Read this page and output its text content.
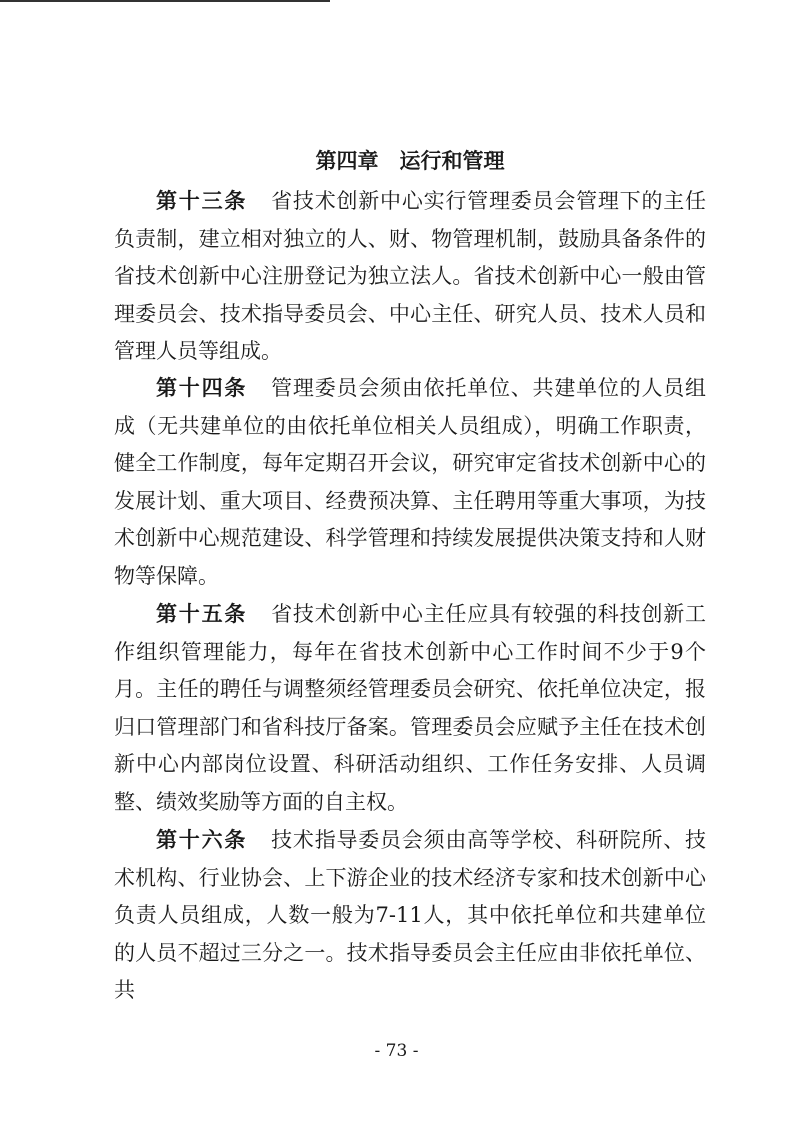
第四章　运行和管理

第十三条 省技术创新中心实行管理委员会管理下的主任负责制，建立相对独立的人、财、物管理机制，鼓励具备条件的省技术创新中心注册登记为独立法人。省技术创新中心一般由管理委员会、技术指导委员会、中心主任、研究人员、技术人员和管理人员等组成。

第十四条 管理委员会须由依托单位、共建单位的人员组成（无共建单位的由依托单位相关人员组成），明确工作职责，健全工作制度，每年定期召开会议，研究审定省技术创新中心的发展计划、重大项目、经费预决算、主任聘用等重大事项，为技术创新中心规范建设、科学管理和持续发展提供决策支持和人财物等保障。

第十五条 省技术创新中心主任应具有较强的科技创新工作组织管理能力，每年在省技术创新中心工作时间不少于9个月。主任的聘任与调整须经管理委员会研究、依托单位决定，报归口管理部门和省科技厅备案。管理委员会应赋予主任在技术创新中心内部岗位设置、科研活动组织、工作任务安排、人员调整、绩效奖励等方面的自主权。

第十六条 技术指导委员会须由高等学校、科研院所、技术机构、行业协会、上下游企业的技术经济专家和技术创新中心负责人员组成，人数一般为7-11人，其中依托单位和共建单位的人员不超过三分之一。技术指导委员会主任应由非依托单位、共

- 73 -
